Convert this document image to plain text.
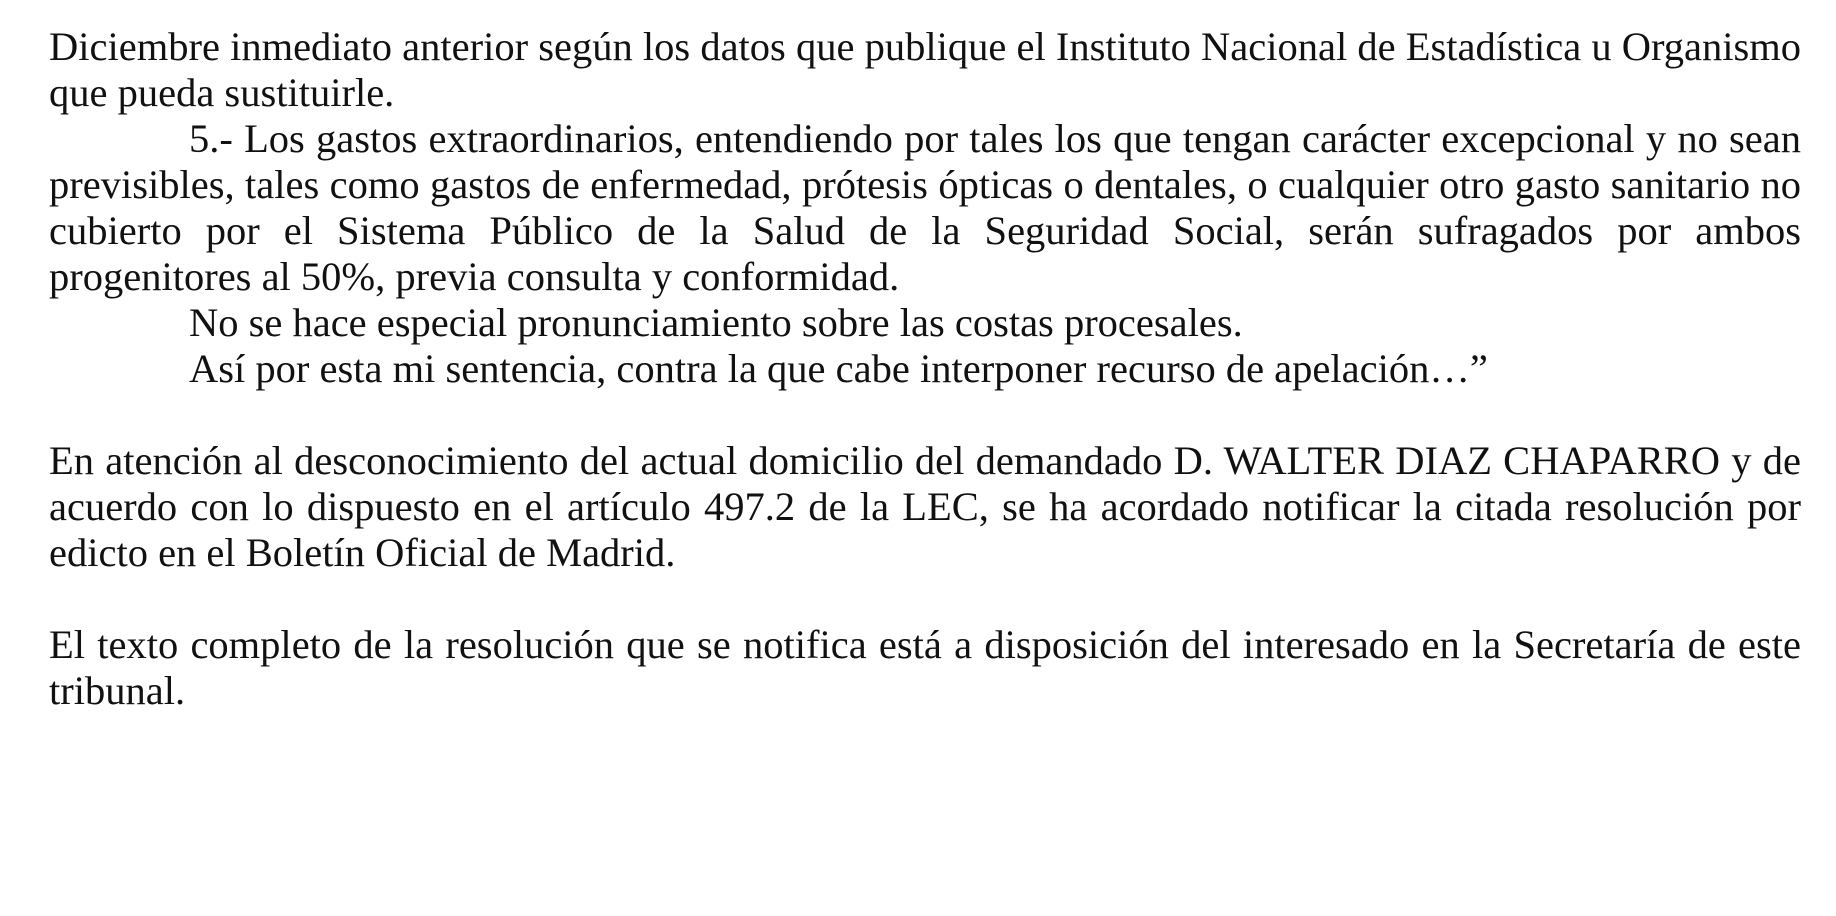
Diciembre inmediato anterior según los datos que publique el Instituto Nacional de Estadística u Organismo que pueda sustituirle.

5.- Los gastos extraordinarios, entendiendo por tales los que tengan carácter excepcional y no sean previsibles, tales como gastos de enfermedad, prótesis ópticas o dentales, o cualquier otro gasto sanitario no cubierto por el Sistema Público de la Salud de la Seguridad Social, serán sufragados por ambos progenitores al 50%, previa consulta y conformidad.

No se hace especial pronunciamiento sobre las costas procesales.

Así por esta mi sentencia, contra la que cabe interponer recurso de apelación…”

En atención al desconocimiento del actual domicilio del demandado D. WALTER DIAZ CHAPARRO y de acuerdo con lo dispuesto en el artículo 497.2 de la LEC, se ha acordado notificar la citada resolución por edicto en el Boletín Oficial de Madrid.

El texto completo de la resolución que se notifica está a disposición del interesado en la Secretaría de este tribunal.
